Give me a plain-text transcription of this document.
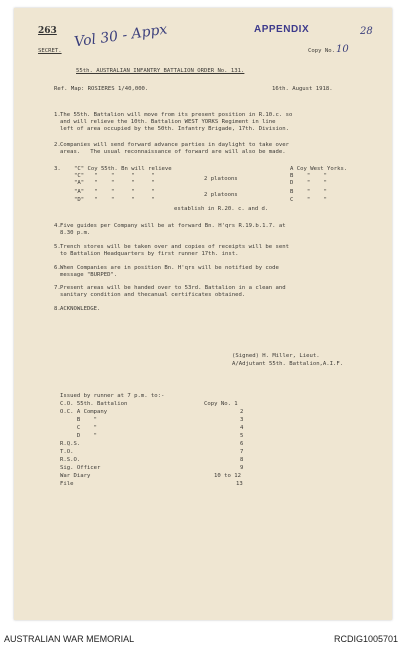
263 Vol 30 - Appx	APPENDIX	28
10
SECRET.	Copy No.
55th. AUSTRALIAN INFANTRY BATTALION ORDER No. 131.
Ref. Map: ROSIERES 1/40,000.	16th. August 1918.
1. The 55th. Battalion will move from its present position in R.10.c. so
and will relieve the 10th. Battalion WEST YORKS Regiment in line
left of area occupied by the 50th. Infantry Brigade, 17th. Division.
2. Companies will send forward advance parties in daylight to take over
areas.   The usual reconnaissance of forward are will also be made.
3. "C" Coy 55th. Bn will relieve	A Coy West Yorks.
"C"   "    "     "     "	2 platoons	B    "    "
"A"   "    "     "     "	D    "    "
"A"   "    "     "     "	2 platoons	B    "    "
"D"   "    "     "     "	C    "    "
establish in R.20. c. and d.
4. Five guides per Company will be at forward Bn. H'qrs R.19.b.1.7. at
8.30 p.m.
5. Trench stores will be taken over and copies of receipts will be sent
to Battalion Headquarters by first runner 17th. inst.
6. When Companies are in position Bn. H'qrs will be notified by code
message "BURPED".
7. Present areas will be handed over to 53rd. Battalion in a clean and
sanitary condition and thecanual certificates obtained.
8. ACKNOWLEDGE.
(Signed) H. Miller, Lieut.
A/Adjutant 55th. Battalion,A.I.F.
Issued by runner at 7 p.m. to:-
C.O. 55th. Battalion	Copy No. 1
O.C. A Company	2
B    "	3
C    "	4
D    "	5
R.Q.S.	6
T.O.	7
R.S.O.	8
Sig. Officer	9
War Diary	10 to 12
File	13
AUSTRALIAN WAR MEMORIAL	RCDIG1005701
